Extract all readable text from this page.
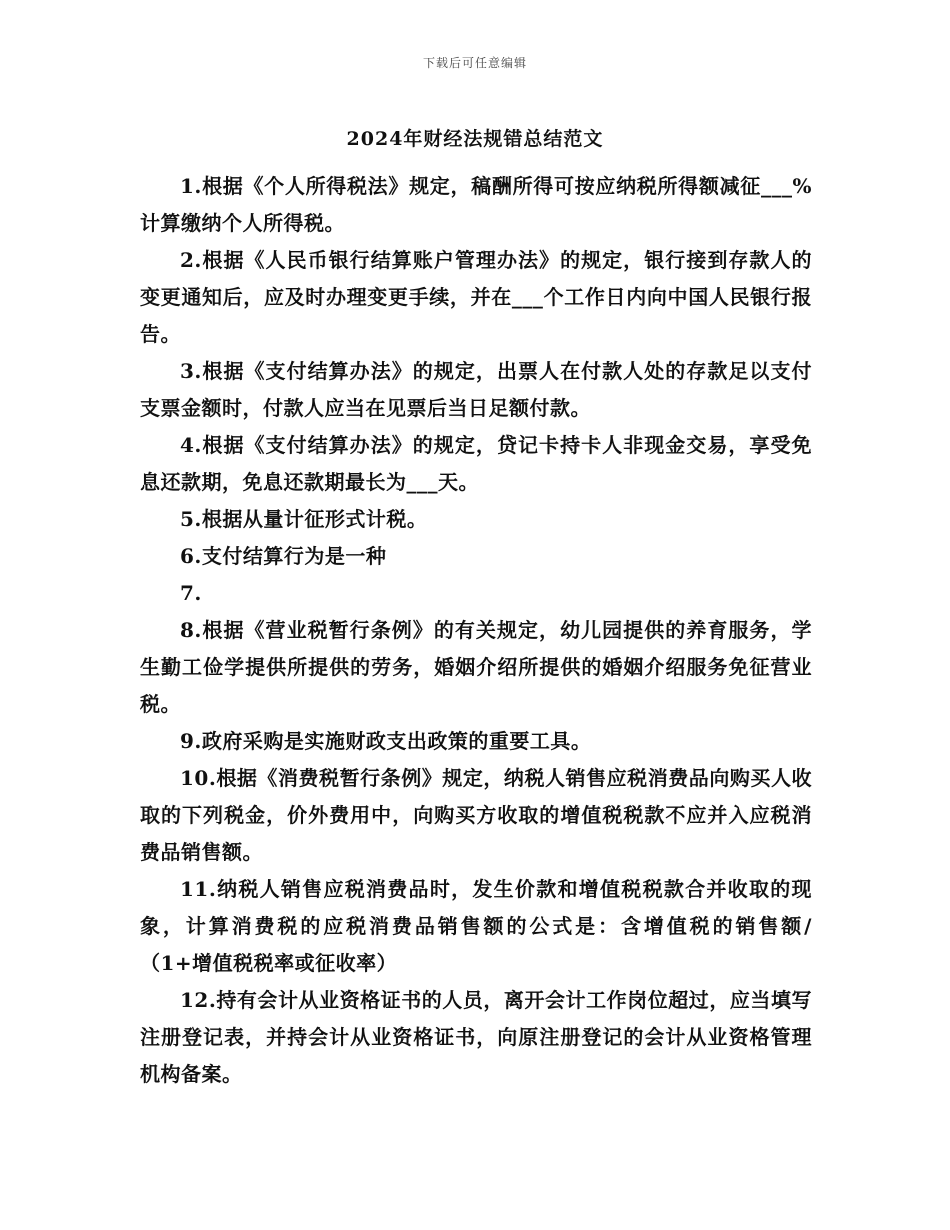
下载后可任意编辑
2024年财经法规错总结范文

1.根据《个人所得税法》规定，稿酬所得可按应纳税所得额减征___%计算缴纳个人所得税。

2.根据《人民币银行结算账户管理办法》的规定，银行接到存款人的变更通知后，应及时办理变更手续，并在___个工作日内向中国人民银行报告。

3.根据《支付结算办法》的规定，出票人在付款人处的存款足以支付支票金额时，付款人应当在见票后当日足额付款。

4.根据《支付结算办法》的规定，贷记卡持卡人非现金交易，享受免息还款期，免息还款期最长为___天。

5.根据从量计征形式计税。

6.支付结算行为是一种

7.

8.根据《营业税暂行条例》的有关规定，幼儿园提供的养育服务，学生勤工俭学提供所提供的劳务，婚姻介绍所提供的婚姻介绍服务免征营业税。

9.政府采购是实施财政支出政策的重要工具。

10.根据《消费税暂行条例》规定，纳税人销售应税消费品向购买人收取的下列税金，价外费用中，向购买方收取的增值税税款不应并入应税消费品销售额。

11.纳税人销售应税消费品时，发生价款和增值税税款合并收取的现象，计算消费税的应税消费品销售额的公式是：含增值税的销售额/（1+增值税税率或征收率）

12.持有会计从业资格证书的人员，离开会计工作岗位超过，应当填写注册登记表，并持会计从业资格证书，向原注册登记的会计从业资格管理机构备案。
